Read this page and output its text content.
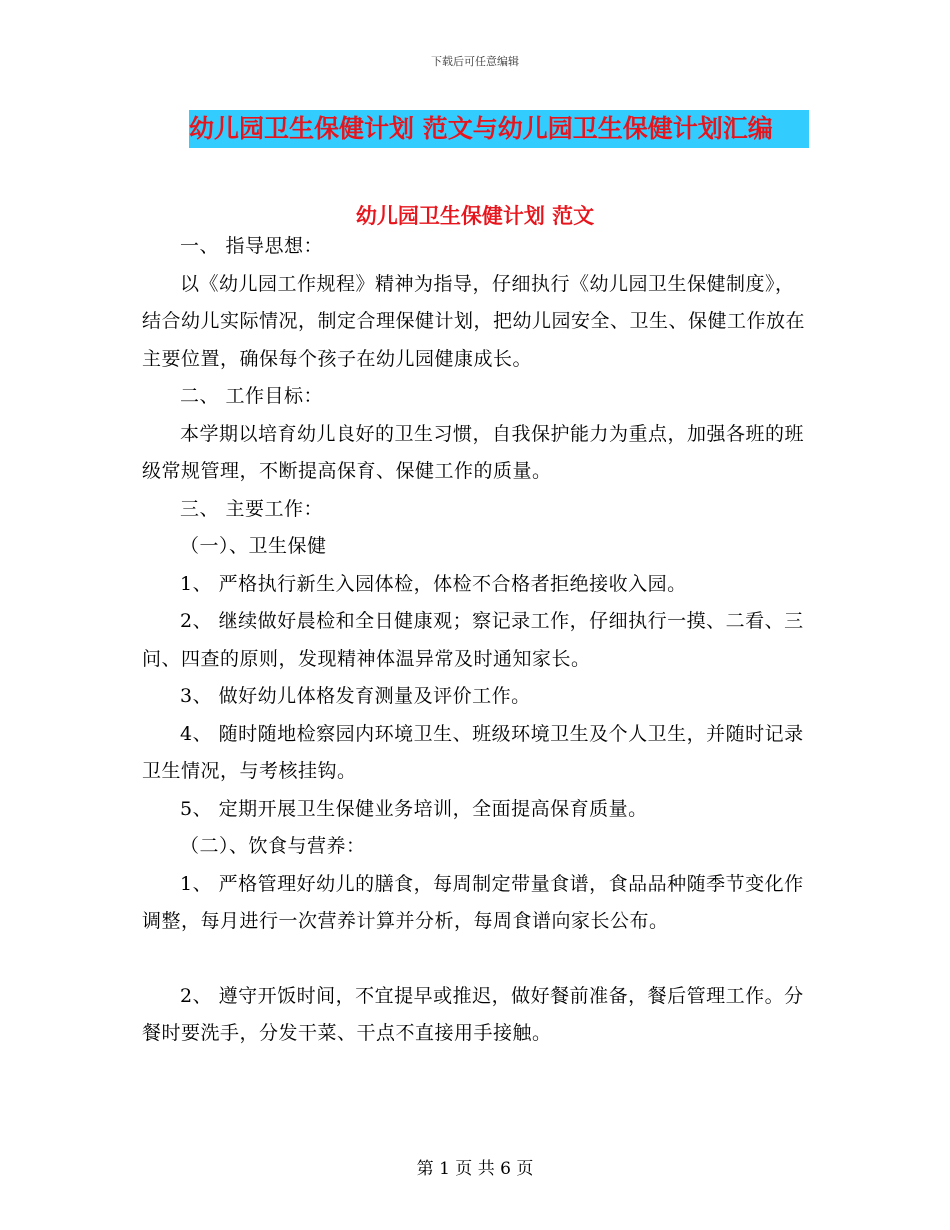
下载后可任意编辑
幼儿园卫生保健计划 范文与幼儿园卫生保健计划汇编
幼儿园卫生保健计划 范文

一、 指导思想：

以《幼儿园工作规程》精神为指导，仔细执行《幼儿园卫生保健制度》，结合幼儿实际情况，制定合理保健计划，把幼儿园安全、卫生、保健工作放在主要位置，确保每个孩子在幼儿园健康成长。

二、 工作目标：

本学期以培育幼儿良好的卫生习惯，自我保护能力为重点，加强各班的班级常规管理，不断提高保育、保健工作的质量。

三、 主要工作：

（一）、卫生保健

1、 严格执行新生入园体检，体检不合格者拒绝接收入园。

2、 继续做好晨检和全日健康观；察记录工作，仔细执行一摸、二看、三问、四查的原则，发现精神体温异常及时通知家长。

3、 做好幼儿体格发育测量及评价工作。

4、 随时随地检察园内环境卫生、班级环境卫生及个人卫生，并随时记录卫生情况，与考核挂钩。

5、 定期开展卫生保健业务培训，全面提高保育质量。

（二）、饮食与营养：

1、 严格管理好幼儿的膳食，每周制定带量食谱，食品品种随季节变化作调整，每月进行一次营养计算并分析，每周食谱向家长公布。

2、 遵守开饭时间，不宜提早或推迟，做好餐前准备，餐后管理工作。分餐时要洗手，分发干菜、干点不直接用手接触。

第 1 页 共 6 页
